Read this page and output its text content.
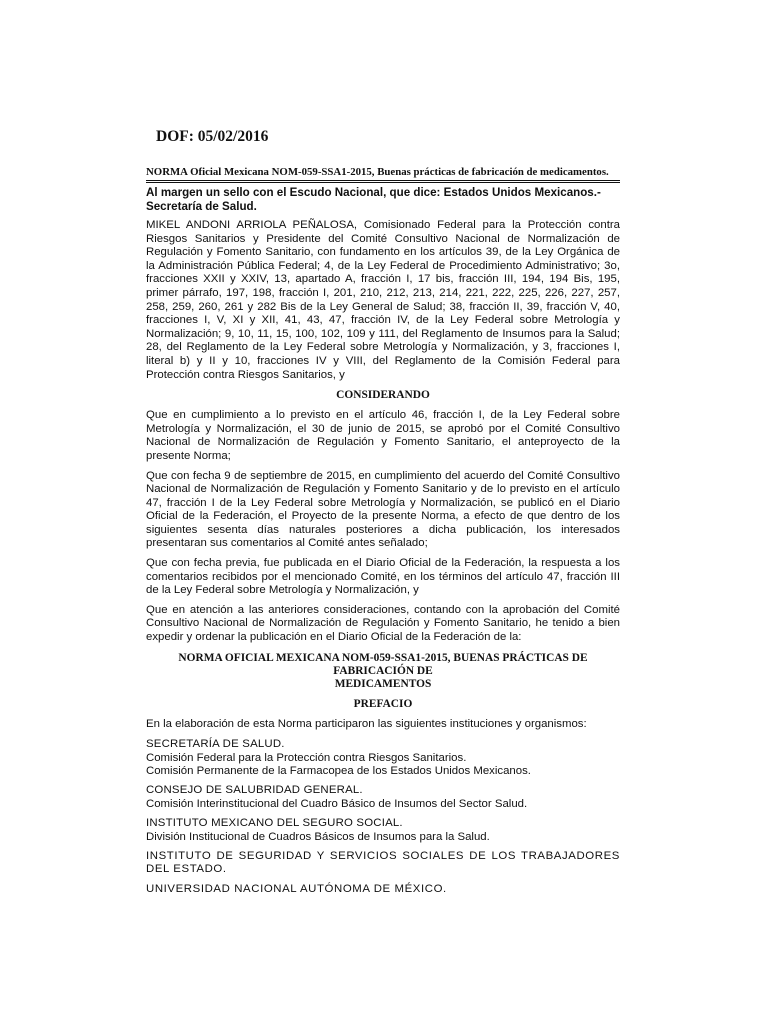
DOF: 05/02/2016
NORMA Oficial Mexicana NOM-059-SSA1-2015, Buenas prácticas de fabricación de medicamentos.
Al margen un sello con el Escudo Nacional, que dice: Estados Unidos Mexicanos.- Secretaría de Salud.

MIKEL ANDONI ARRIOLA PEÑALOSA, Comisionado Federal para la Protección contra Riesgos Sanitarios y Presidente del Comité Consultivo Nacional de Normalización de Regulación y Fomento Sanitario, con fundamento en los artículos 39, de la Ley Orgánica de la Administración Pública Federal; 4, de la Ley Federal de Procedimiento Administrativo; 3o, fracciones XXII y XXIV, 13, apartado A, fracción I, 17 bis, fracción III, 194, 194 Bis, 195, primer párrafo, 197, 198, fracción I, 201, 210, 212, 213, 214, 221, 222, 225, 226, 227, 257, 258, 259, 260, 261 y 282 Bis de la Ley General de Salud; 38, fracción II, 39, fracción V, 40, fracciones I, V, XI y XII, 41, 43, 47, fracción IV, de la Ley Federal sobre Metrología y Normalización; 9, 10, 11, 15, 100, 102, 109 y 111, del Reglamento de Insumos para la Salud; 28, del Reglamento de la Ley Federal sobre Metrología y Normalización, y 3, fracciones I, literal b) y II y 10, fracciones IV y VIII, del Reglamento de la Comisión Federal para Protección contra Riesgos Sanitarios, y

CONSIDERANDO

Que en cumplimiento a lo previsto en el artículo 46, fracción I, de la Ley Federal sobre Metrología y Normalización, el 30 de junio de 2015, se aprobó por el Comité Consultivo Nacional de Normalización de Regulación y Fomento Sanitario, el anteproyecto de la presente Norma;

Que con fecha 9 de septiembre de 2015, en cumplimiento del acuerdo del Comité Consultivo Nacional de Normalización de Regulación y Fomento Sanitario y de lo previsto en el artículo 47, fracción I de la Ley Federal sobre Metrología y Normalización, se publicó en el Diario Oficial de la Federación, el Proyecto de la presente Norma, a efecto de que dentro de los siguientes sesenta días naturales posteriores a dicha publicación, los interesados presentaran sus comentarios al Comité antes señalado;

Que con fecha previa, fue publicada en el Diario Oficial de la Federación, la respuesta a los comentarios recibidos por el mencionado Comité, en los términos del artículo 47, fracción III de la Ley Federal sobre Metrología y Normalización, y

Que en atención a las anteriores consideraciones, contando con la aprobación del Comité Consultivo Nacional de Normalización de Regulación y Fomento Sanitario, he tenido a bien expedir y ordenar la publicación en el Diario Oficial de la Federación de la:

NORMA OFICIAL MEXICANA NOM-059-SSA1-2015, BUENAS PRÁCTICAS DE
FABRICACIÓN DE
MEDICAMENTOS
PREFACIO

En la elaboración de esta Norma participaron las siguientes instituciones y organismos:

SECRETARÍA DE SALUD.
Comisión Federal para la Protección contra Riesgos Sanitarios.
Comisión Permanente de la Farmacopea de los Estados Unidos Mexicanos.
CONSEJO DE SALUBRIDAD GENERAL.
Comisión Interinstitucional del Cuadro Básico de Insumos del Sector Salud.
INSTITUTO MEXICANO DEL SEGURO SOCIAL.
División Institucional de Cuadros Básicos de Insumos para la Salud.
INSTITUTO DE SEGURIDAD Y SERVICIOS SOCIALES DE LOS TRABAJADORES DEL ESTADO.
UNIVERSIDAD NACIONAL AUTÓNOMA DE MÉXICO.
